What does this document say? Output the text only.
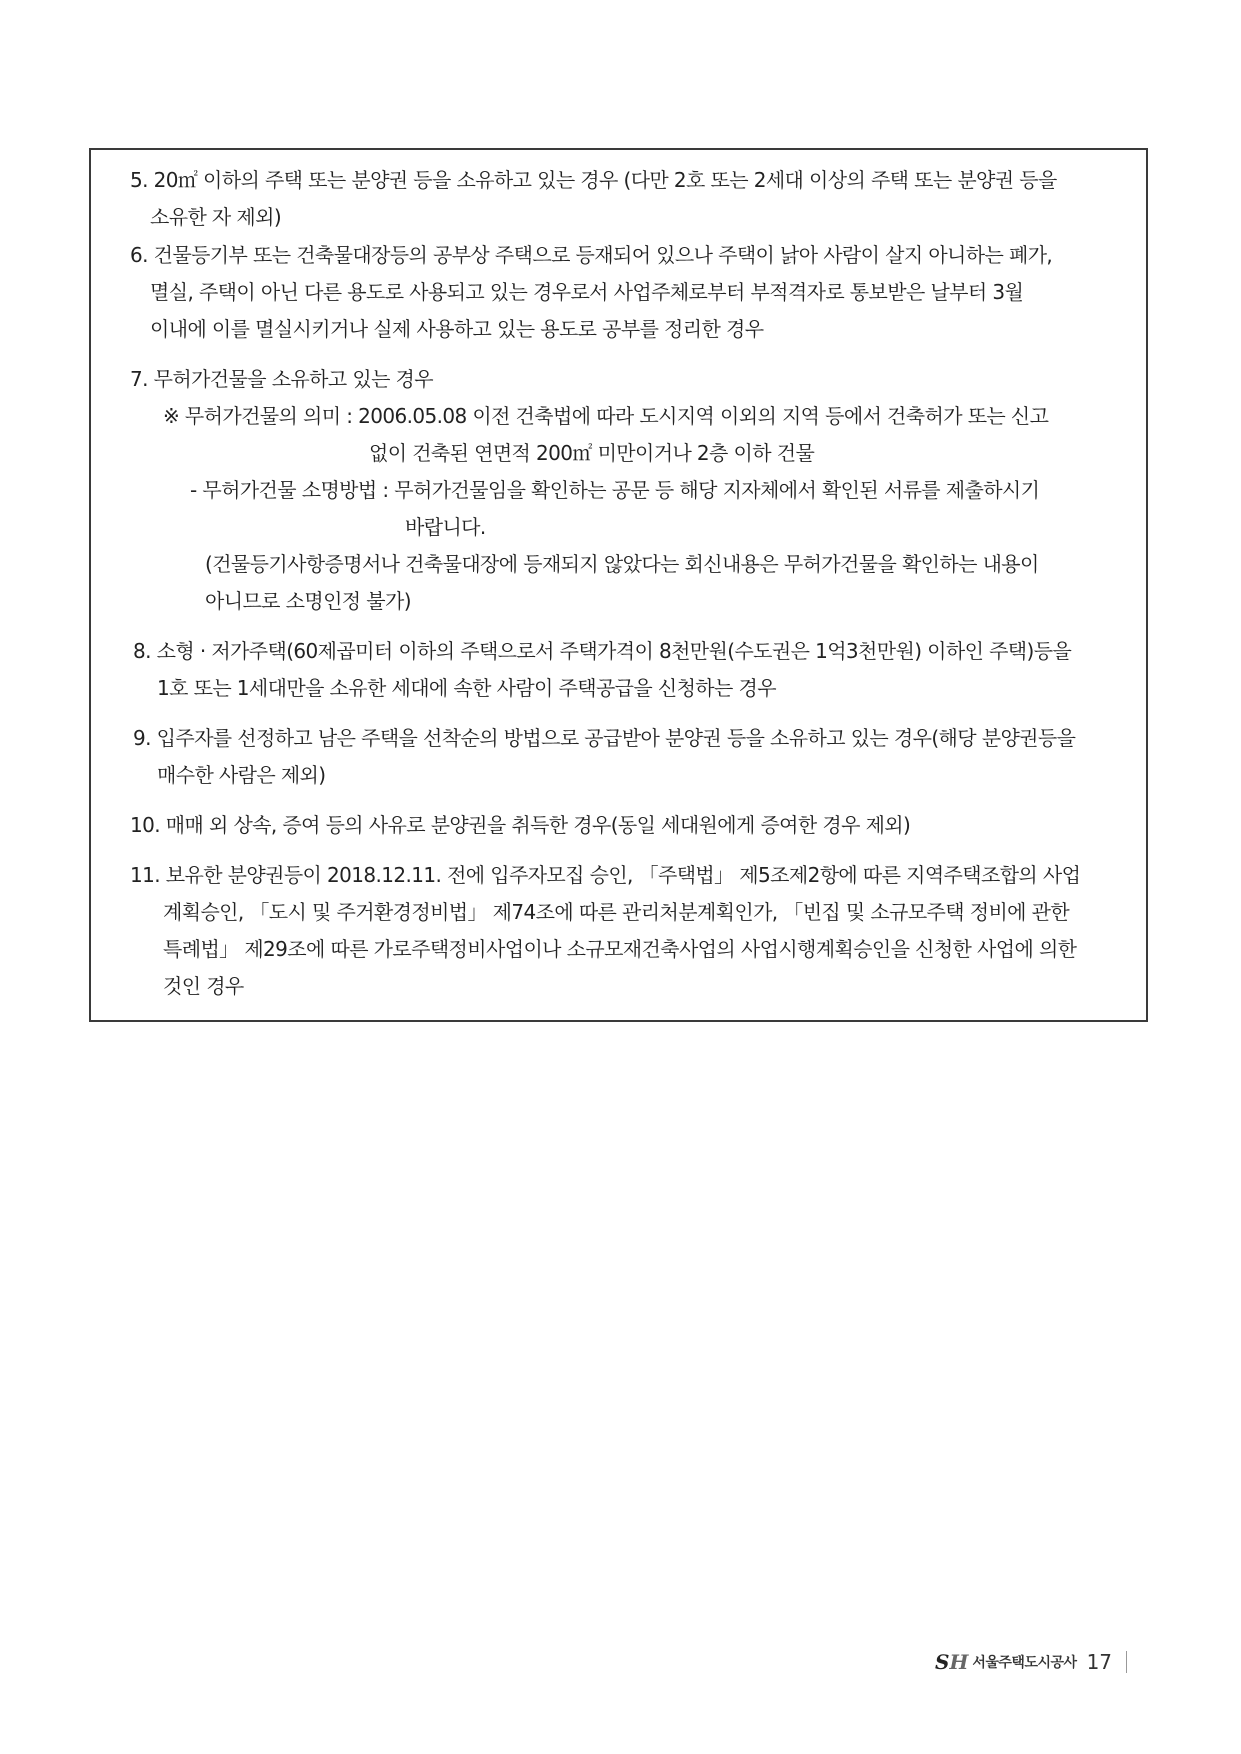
5. 20㎡ 이하의 주택 또는 분양권 등을 소유하고 있는 경우 (다만 2호 또는 2세대 이상의 주택 또는 분양권 등을
소유한 자 제외)
6. 건물등기부 또는 건축물대장등의 공부상 주택으로 등재되어 있으나 주택이 낡아 사람이 살지 아니하는 폐가,
멸실, 주택이 아닌 다른 용도로 사용되고 있는 경우로서 사업주체로부터 부적격자로 통보받은 날부터 3월
이내에 이를 멸실시키거나 실제 사용하고 있는 용도로 공부를 정리한 경우
7. 무허가건물을 소유하고 있는 경우
※ 무허가건물의 의미 : 2006.05.08 이전 건축법에 따라 도시지역 이외의 지역 등에서 건축허가 또는 신고
없이 건축된 연면적 200㎡ 미만이거나 2층 이하 건물
- 무허가건물 소명방법 : 무허가건물임을 확인하는 공문 등 해당 지자체에서 확인된 서류를 제출하시기
바랍니다.
(건물등기사항증명서나 건축물대장에 등재되지 않았다는 회신내용은 무허가건물을 확인하는 내용이
아니므로 소명인정 불가)
8. 소형 · 저가주택(60제곱미터 이하의 주택으로서 주택가격이 8천만원(수도권은 1억3천만원) 이하인 주택)등을
1호 또는 1세대만을 소유한 세대에 속한 사람이 주택공급을 신청하는 경우
9. 입주자를 선정하고 남은 주택을 선착순의 방법으로 공급받아 분양권 등을 소유하고 있는 경우(해당 분양권등을
매수한 사람은 제외)
10. 매매 외 상속, 증여 등의 사유로 분양권을 취득한 경우(동일 세대원에게 증여한 경우 제외)
11. 보유한 분양권등이 2018.12.11. 전에 입주자모집 승인, 「주택법」 제5조제2항에 따른 지역주택조합의 사업
계획승인, 「도시 및 주거환경정비법」 제74조에 따른 관리처분계획인가, 「빈집 및 소규모주택 정비에 관한
특례법」 제29조에 따른 가로주택정비사업이나 소규모재건축사업의 사업시행계획승인을 신청한 사업에 의한
것인 경우
SH 서울주택도시공사 17
